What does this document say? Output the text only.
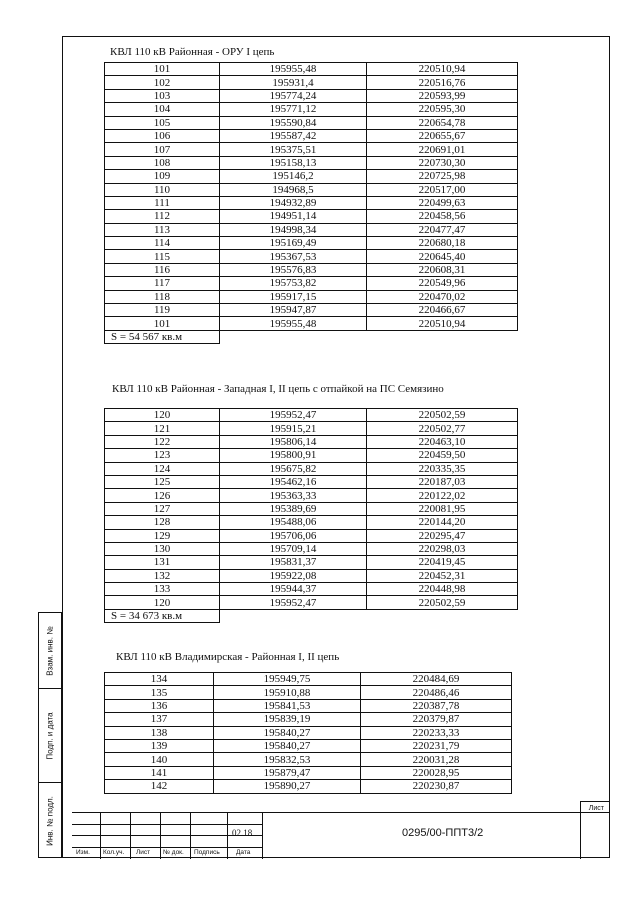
Взам. инв. №
Подп. и дата
Инв. № подл.
КВЛ 110 кВ Районная - ОРУ I цепь
101	195955,48	220510,94
102	195931,4	220516,76
103	195774,24	220593,99
104	195771,12	220595,30
105	195590,84	220654,78
106	195587,42	220655,67
107	195375,51	220691,01
108	195158,13	220730,30
109	195146,2	220725,98
110	194968,5	220517,00
111	194932,89	220499,63
112	194951,14	220458,56
113	194998,34	220477,47
114	195169,49	220680,18
115	195367,53	220645,40
116	195576,83	220608,31
117	195753,82	220549,96
118	195917,15	220470,02
119	195947,87	220466,67
101	195955,48	220510,94
S = 54 567 кв.м		
КВЛ 110 кВ Районная - Западная I, II цепь с отпайкой на ПС Семязино
120	195952,47	220502,59
121	195915,21	220502,77
122	195806,14	220463,10
123	195800,91	220459,50
124	195675,82	220335,35
125	195462,16	220187,03
126	195363,33	220122,02
127	195389,69	220081,95
128	195488,06	220144,20
129	195706,06	220295,47
130	195709,14	220298,03
131	195831,37	220419,45
132	195922,08	220452,31
133	195944,37	220448,98
120	195952,47	220502,59
S = 34 673 кв.м		
КВЛ 110 кВ Владимирская - Районная I, II цепь
134	195949,75	220484,69
135	195910,88	220486,46
136	195841,53	220387,78
137	195839,19	220379,87
138	195840,27	220233,33
139	195840,27	220231,79
140	195832,53	220031,28
141	195879,47	220028,95
142	195890,27	220230,87
Изм. Кол.уч. Лист № док. Подпись	Дата
02.18	0295/00-ППТ3/2
Лист
